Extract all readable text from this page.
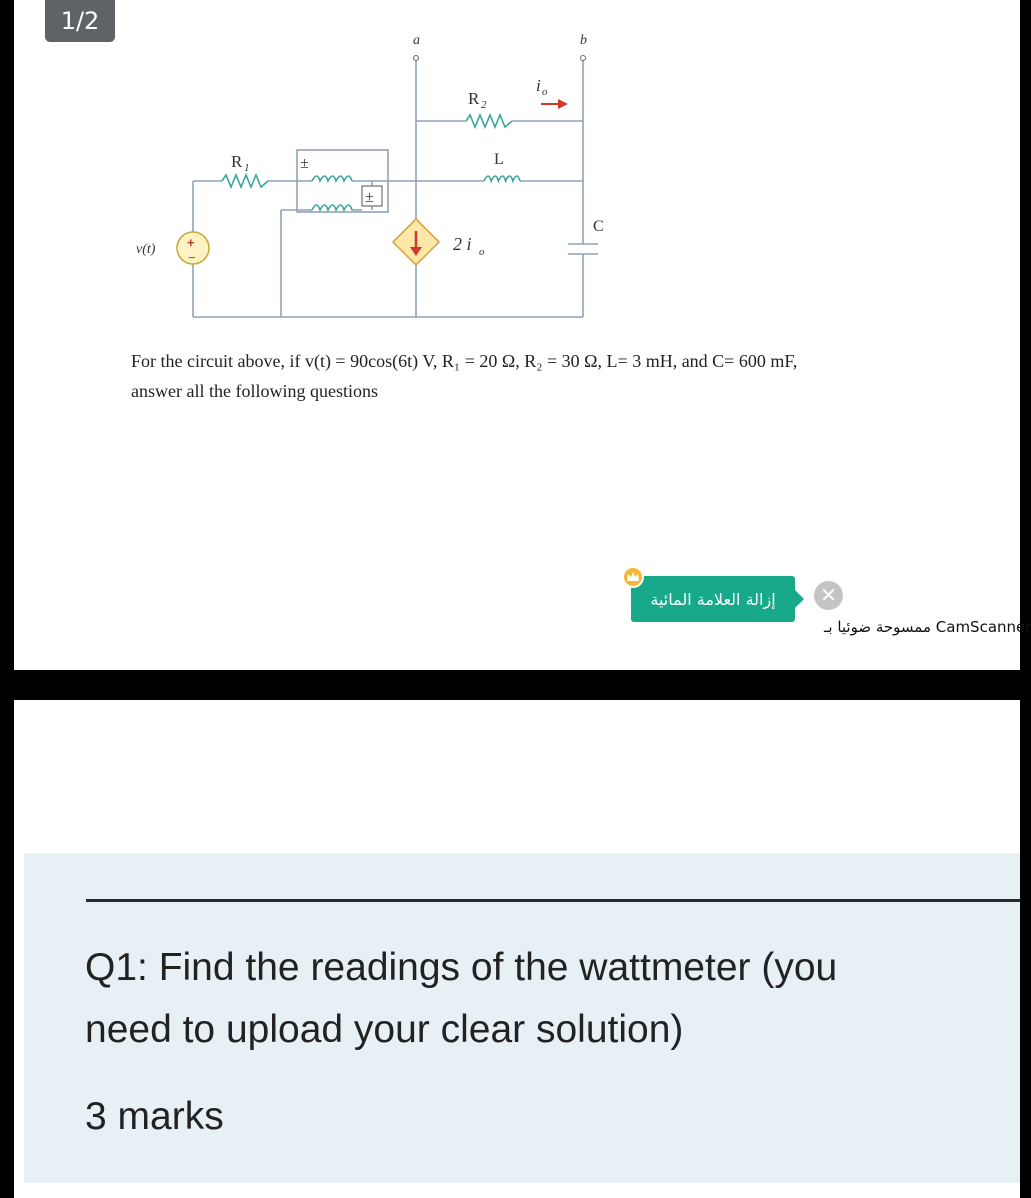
1/2
a	b
R 1
R 2
L
C
i o
2 i o
v(t)
±
±
+
−
For the circuit above, if v(t) = 90cos(6t) V, R₁ = 20 Ω, R₂ = 30 Ω, L= 3 mH, and C= 600 mF,
answer all the following questions
إزالة العلامة المائية	✕
ممسوحة ضوئيا بـ CamScanner
Q1: Find the readings of the wattmeter (you
need to upload your clear solution)
3 marks
